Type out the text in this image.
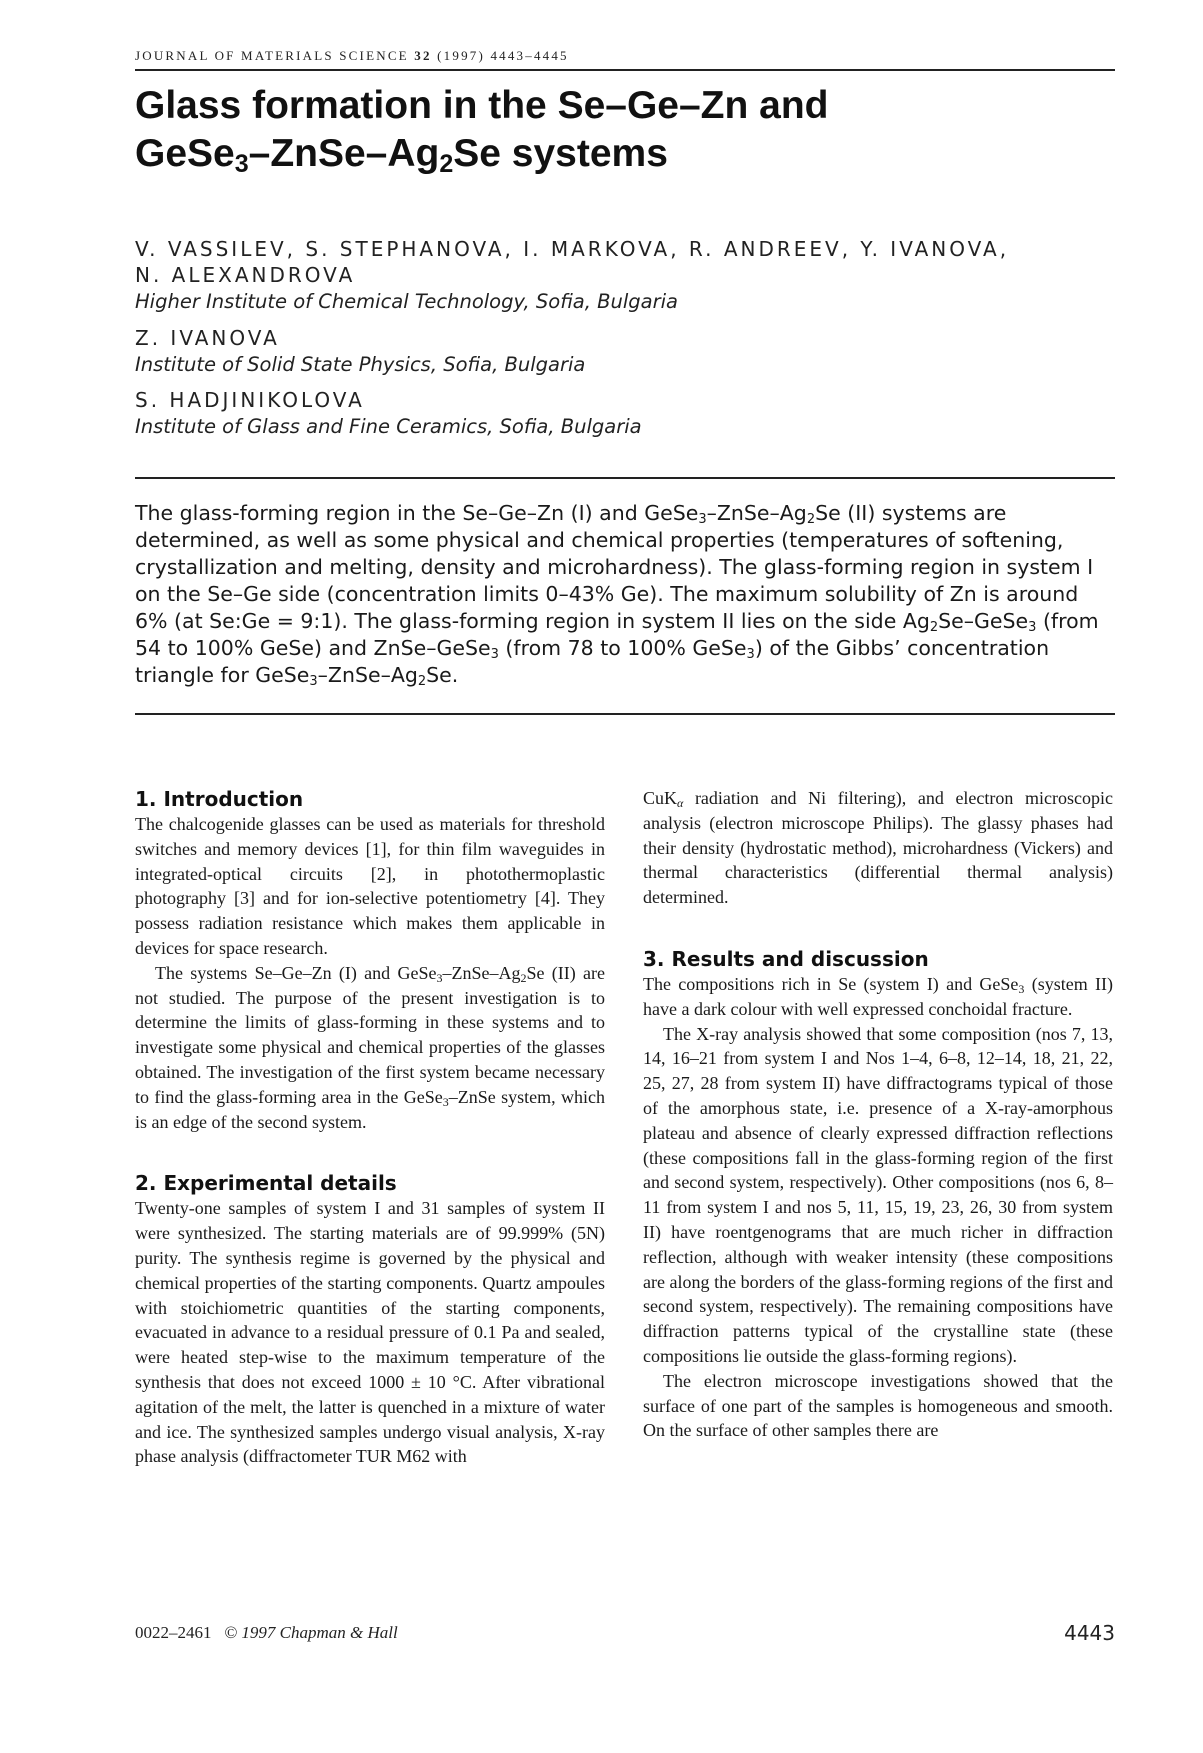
JOURNAL OF MATERIALS SCIENCE 32 (1997) 4443–4445
Glass formation in the Se–Ge–Zn and
$GeSe_3-ZnSe-Ag_2Se$ systems
V. VASSILEV, S. STEPHANOVA, I. MARKOVA, R. ANDREEV, Y. IVANOVA,
N. ALEXANDROVA
Higher Institute of Chemical Technology, Sofia, Bulgaria
Z. IVANOVA
Institute of Solid State Physics, Sofia, Bulgaria
S. HADJINIKOLOVA
Institute of Glass and Fine Ceramics, Sofia, Bulgaria

The glass-forming region in the Se–Ge–Zn (I) and $GeSe_3-ZnSe-Ag_2Se$ (II) systems are determined, as well as some physical and chemical properties (temperatures of softening, crystallization and melting, density and microhardness). The glass-forming region in system I on the Se–Ge side (concentration limits 0–43% Ge). The maximum solubility of Zn is around 6% (at Se:Ge = 9:1). The glass-forming region in system II lies on the side $Ag_2Se-GeSe_3$ (from 54 to 100% GeSe) and ZnSe–GeSe$_3$ (from 78 to 100% GeSe$_3$) of the Gibbs’ concentration triangle for $GeSe_3-ZnSe-Ag_2Se$.

1. Introduction

The chalcogenide glasses can be used as materials for threshold switches and memory devices [1], for thin film waveguides in integrated-optical circuits [2], in photothermoplastic photography [3] and for ion-selective potentiometry [4]. They possess radiation resistance which makes them applicable in devices for space research.

The systems Se–Ge–Zn (I) and $GeSe_3-ZnSe-Ag_2Se$ (II) are not studied. The purpose of the present investigation is to determine the limits of glass-forming in these systems and to investigate some physical and chemical properties of the glasses obtained. The investigation of the first system became necessary to find the glass-forming area in the GeSe$_3$–ZnSe system, which is an edge of the second system.

2. Experimental details

Twenty-one samples of system I and 31 samples of system II were synthesized. The starting materials are of 99.999% (5N) purity. The synthesis regime is governed by the physical and chemical properties of the starting components. Quartz ampoules with stoichiometric quantities of the starting components, evacuated in advance to a residual pressure of 0.1 Pa and sealed, were heated step-wise to the maximum temperature of the synthesis that does not exceed 1000 ± 10 °C. After vibrational agitation of the melt, the latter is quenched in a mixture of water and ice. The synthesized samples undergo visual analysis, X-ray phase analysis (diffractometer TUR M62 with

CuK$_\alpha$ radiation and Ni filtering), and electron microscopic analysis (electron microscope Philips). The glassy phases had their density (hydrostatic method), microhardness (Vickers) and thermal characteristics (differential thermal analysis) determined.

3. Results and discussion

The compositions rich in Se (system I) and GeSe$_3$ (system II) have a dark colour with well expressed conchoidal fracture.

The X-ray analysis showed that some composition (nos 7, 13, 14, 16–21 from system I and Nos 1–4, 6–8, 12–14, 18, 21, 22, 25, 27, 28 from system II) have diffractograms typical of those of the amorphous state, i.e. presence of a X-ray-amorphous plateau and absence of clearly expressed diffraction reflections (these compositions fall in the glass-forming region of the first and second system, respectively). Other compositions (nos 6, 8–11 from system I and nos 5, 11, 15, 19, 23, 26, 30 from system II) have roentgenograms that are much richer in diffraction reflection, although with weaker intensity (these compositions are along the borders of the glass-forming regions of the first and second system, respectively). The remaining compositions have diffraction patterns typical of the crystalline state (these compositions lie outside the glass-forming regions).

The electron microscope investigations showed that the surface of one part of the samples is homogeneous and smooth. On the surface of other samples there are

0022–2461 © 1997 Chapman & Hall	4443
